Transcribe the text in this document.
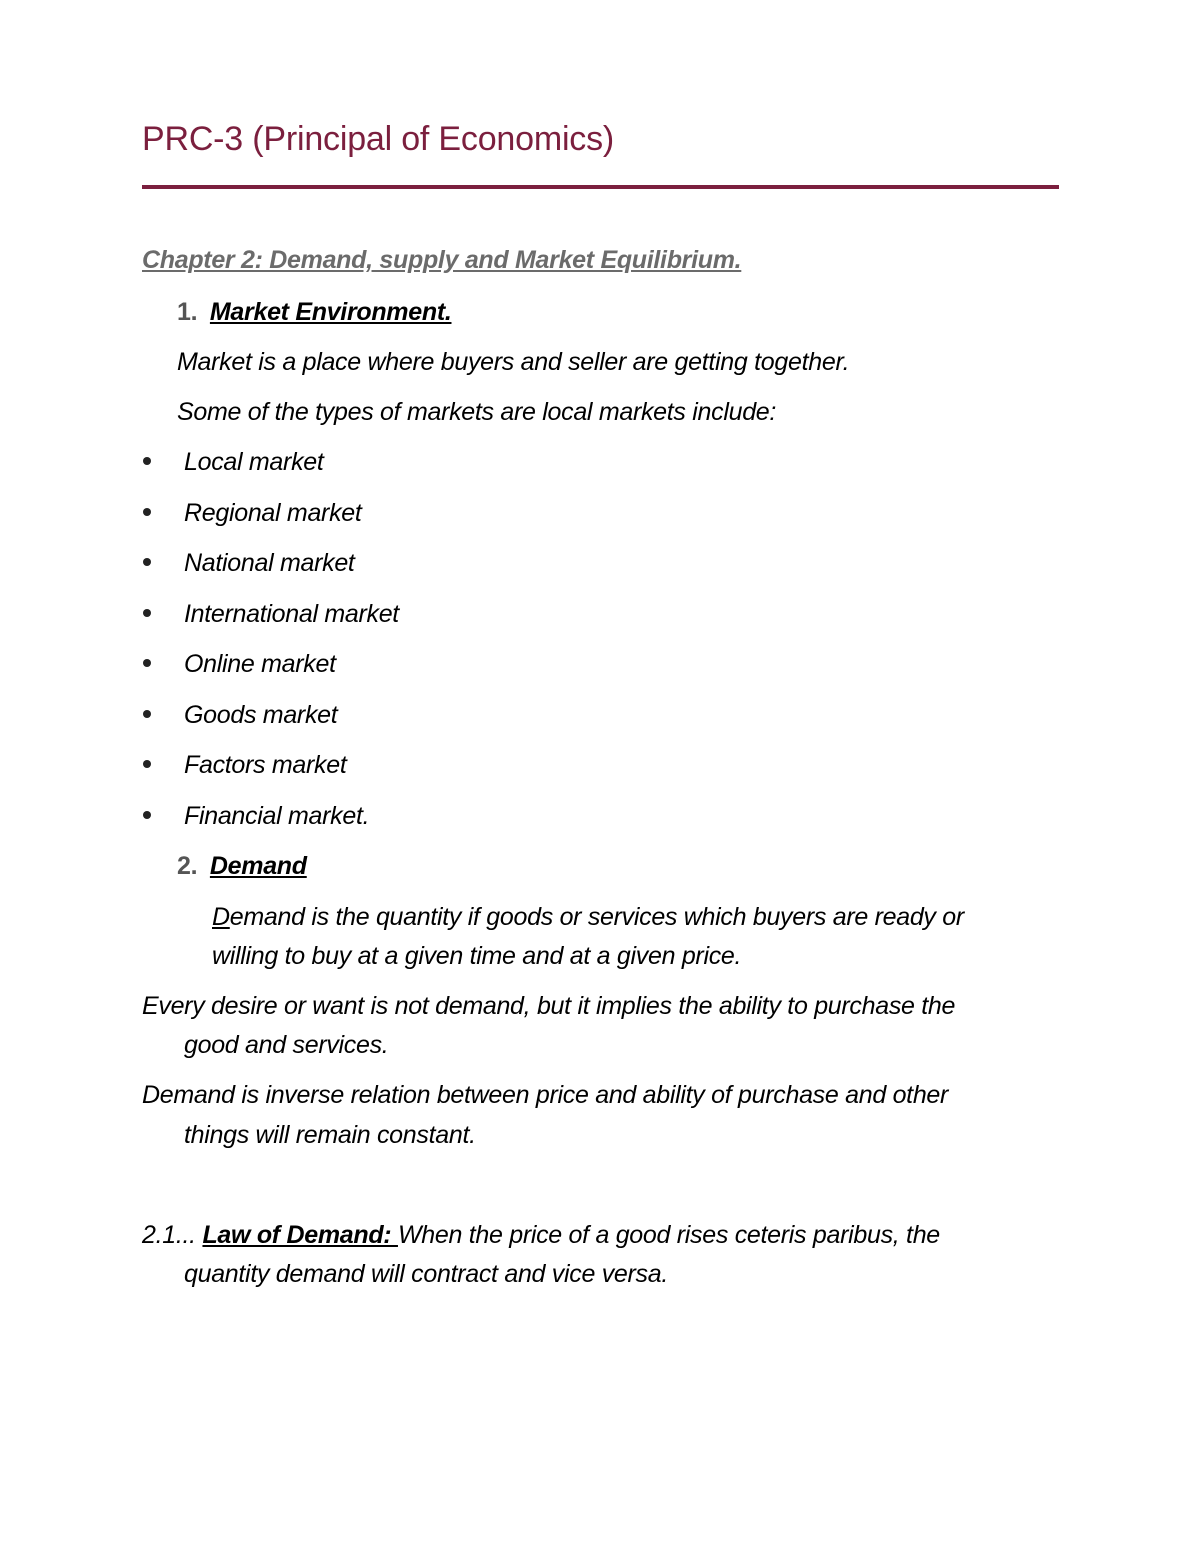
PRC-3 (Principal of Economics)
Chapter 2: Demand, supply and Market Equilibrium.
1. Market Environment.
Market is a place where buyers and seller are getting together.
Some of the types of markets are local markets include:
Local market
Regional market
National market
International market
Online market
Goods market
Factors market
Financial market.
2. Demand
Demand is the quantity if goods or services which buyers are ready or
willing to buy at a given time and at a given price.
Every desire or want is not demand, but it implies the ability to purchase the
good and services.
Demand is inverse relation between price and ability of purchase and other
things will remain constant.
2.1... Law of Demand: When the price of a good rises ceteris paribus, the
quantity demand will contract and vice versa.
